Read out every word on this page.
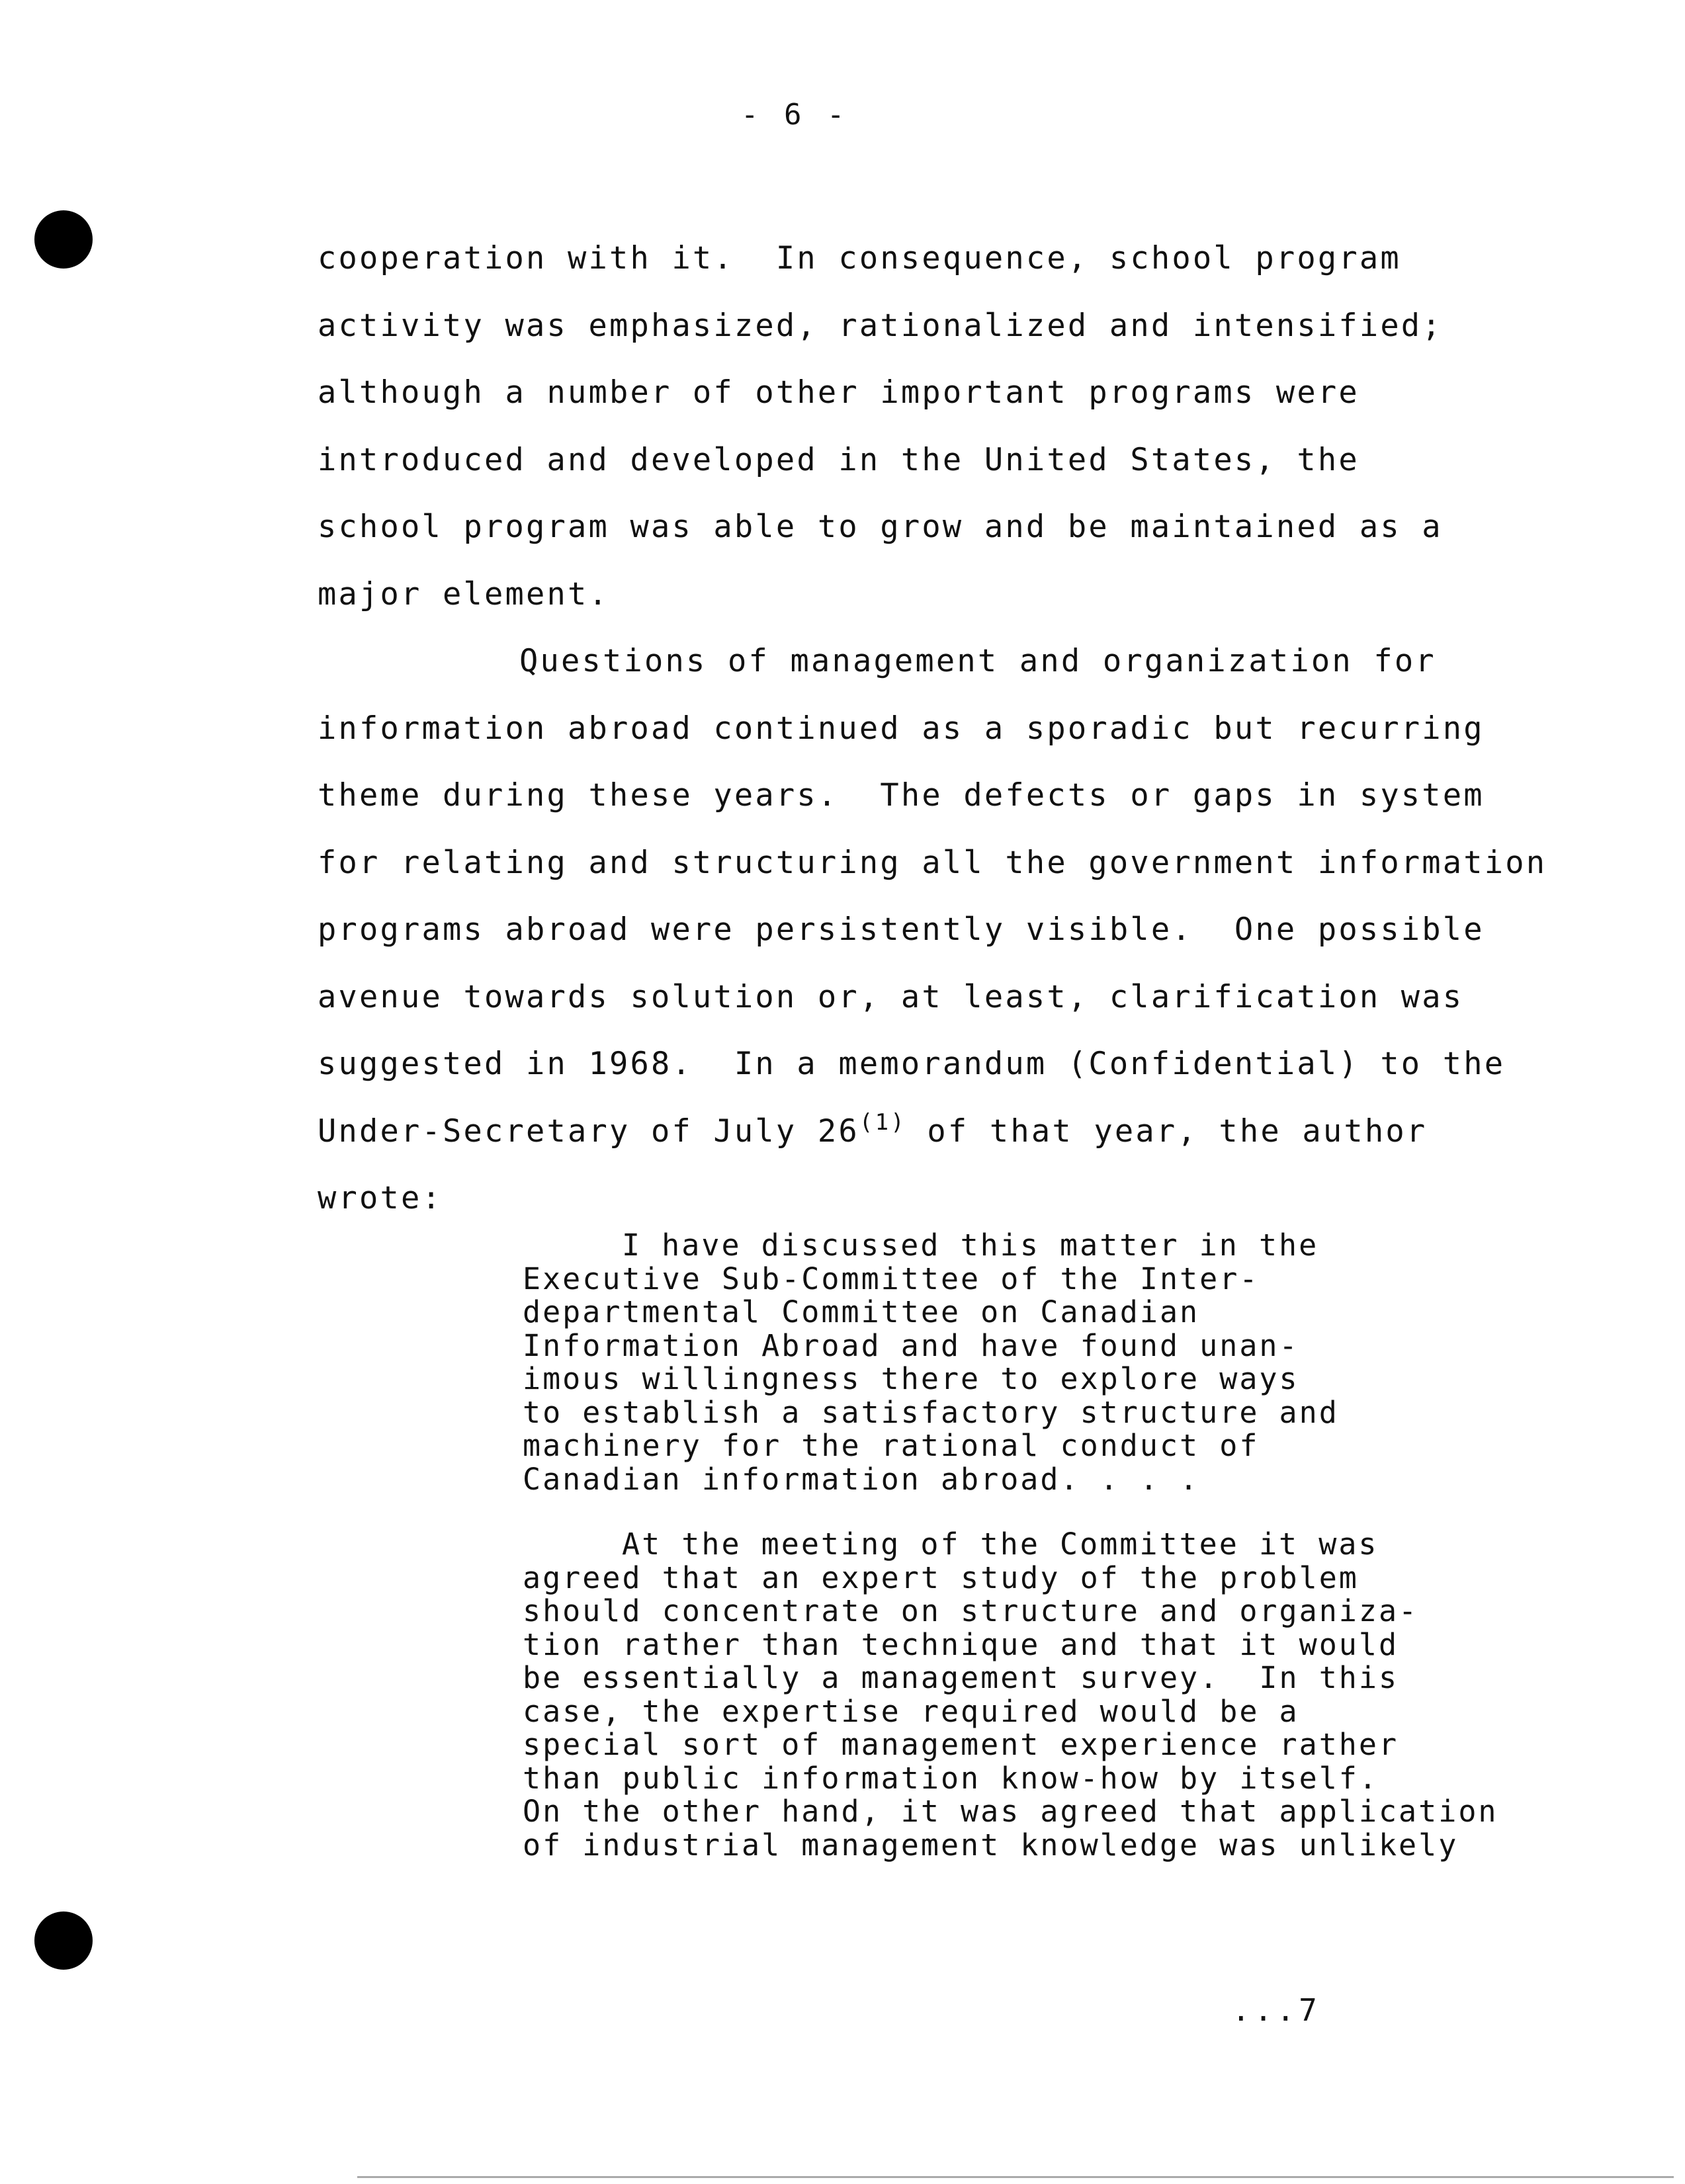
- 6 -
cooperation with it.  In consequence, school program
activity was emphasized, rationalized and intensified;
although a number of other important programs were
introduced and developed in the United States, the
school program was able to grow and be maintained as a
major element.
Questions of management and organization for
information abroad continued as a sporadic but recurring
theme during these years.  The defects or gaps in system
for relating and structuring all the government information
programs abroad were persistently visible.  One possible
avenue towards solution or, at least, clarification was
suggested in 1968.  In a memorandum (Confidential) to the
Under-Secretary of July 26$^{(1)}$ of that year, the author
wrote:
I have discussed this matter in the
Executive Sub-Committee of the Inter-
departmental Committee on Canadian
Information Abroad and have found unan-
imous willingness there to explore ways
to establish a satisfactory structure and
machinery for the rational conduct of
Canadian information abroad. . . .
At the meeting of the Committee it was
agreed that an expert study of the problem
should concentrate on structure and organiza-
tion rather than technique and that it would
be essentially a management survey.  In this
case, the expertise required would be a
special sort of management experience rather
than public information know-how by itself.
On the other hand, it was agreed that application
of industrial management knowledge was unlikely
...7
